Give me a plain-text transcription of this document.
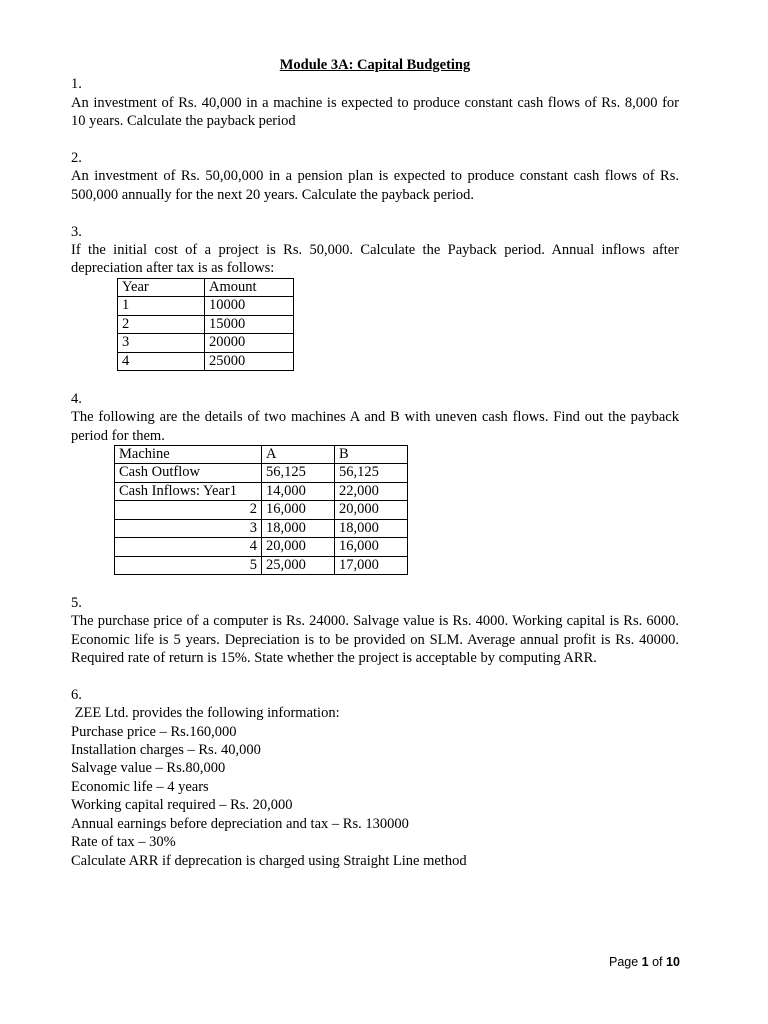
Module 3A: Capital Budgeting

1.

An investment of Rs. 40,000 in a machine is expected to produce constant cash flows of Rs. 8,000 for 10 years. Calculate the payback period

2.

An investment of Rs. 50,00,000 in a pension plan is expected to produce constant cash flows of Rs. 500,000 annually for the next 20 years. Calculate the payback period.

3.

If the initial cost of a project is Rs. 50,000. Calculate the Payback period. Annual inflows after depreciation after tax is as follows:

Year	Amount
1	10000
2	15000
3	20000
4	25000

4.

The following are the details of two machines A and B with uneven cash flows. Find out the payback period for them.

Machine	A	B
Cash Outflow	56,125	56,125
Cash Inflows: Year1	14,000	22,000
2	16,000	20,000
3	18,000	18,000
4	20,000	16,000
5	25,000	17,000

5.

The purchase price of a computer is Rs. 24000. Salvage value is Rs. 4000. Working capital is Rs. 6000. Economic life is 5 years. Depreciation is to be provided on SLM. Average annual profit is Rs. 40000. Required rate of return is 15%. State whether the project is acceptable by computing ARR.

6.

ZEE Ltd. provides the following information:

Purchase price – Rs.160,000
Installation charges – Rs. 40,000
Salvage value – Rs.80,000
Economic life – 4 years
Working capital required – Rs. 20,000
Annual earnings before depreciation and tax – Rs. 130000
Rate of tax – 30%
Calculate ARR if deprecation is charged using Straight Line method
Page 1 of 10
